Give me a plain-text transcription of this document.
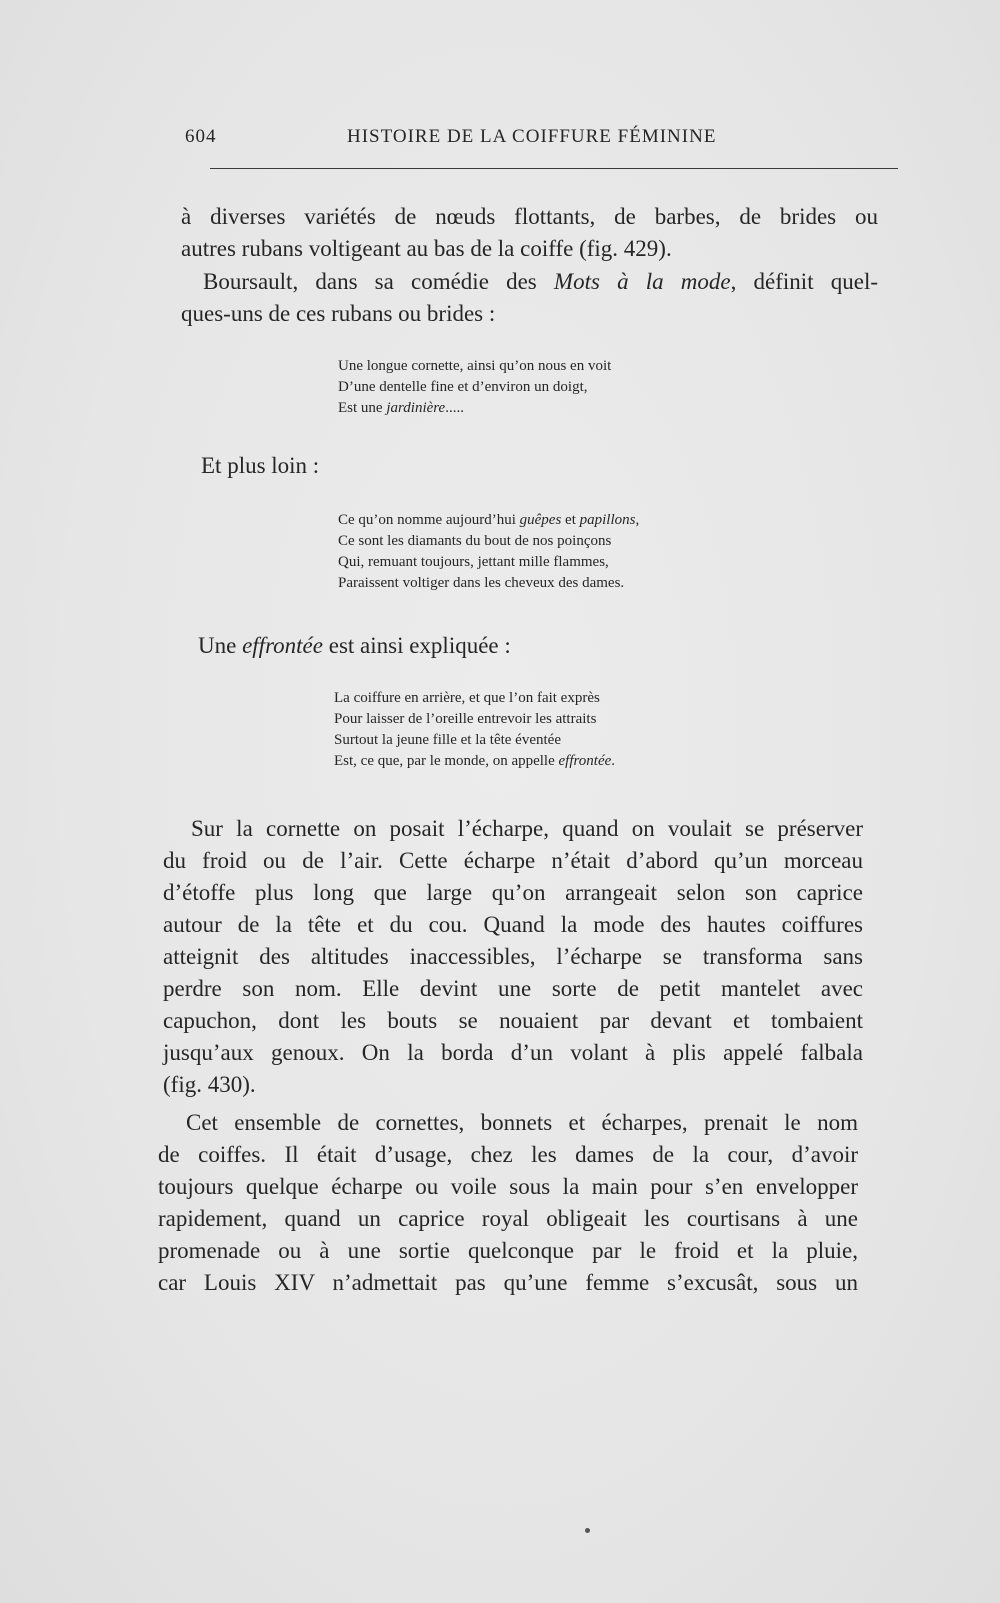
604	HISTOIRE DE LA COIFFURE FÉMININE
à diverses variétés de nœuds flottants, de barbes, de brides ou
autres rubans voltigeant au bas de la coiffe (fig. 429).
Boursault, dans sa comédie des Mots à la mode, définit quel-
ques-uns de ces rubans ou brides :
Une longue cornette, ainsi qu’on nous en voit
D’une dentelle fine et d’environ un doigt,
Est une jardinière.....
Et plus loin :
Ce qu’on nomme aujourd’hui guêpes et papillons,
Ce sont les diamants du bout de nos poinçons
Qui, remuant toujours, jettant mille flammes,
Paraissent voltiger dans les cheveux des dames.
Une effrontée est ainsi expliquée :
La coiffure en arrière, et que l’on fait exprès
Pour laisser de l’oreille entrevoir les attraits
Surtout la jeune fille et la tête éventée
Est, ce que, par le monde, on appelle effrontée.
Sur la cornette on posait l’écharpe, quand on voulait se préserver
du froid ou de l’air. Cette écharpe n’était d’abord qu’un morceau
d’étoffe plus long que large qu’on arrangeait selon son caprice
autour de la tête et du cou. Quand la mode des hautes coiffures
atteignit des altitudes inaccessibles, l’écharpe se transforma sans
perdre son nom. Elle devint une sorte de petit mantelet avec
capuchon, dont les bouts se nouaient par devant et tombaient
jusqu’aux genoux. On la borda d’un volant à plis appelé falbala
(fig. 430).
Cet ensemble de cornettes, bonnets et écharpes, prenait le nom
de coiffes. Il était d’usage, chez les dames de la cour, d’avoir
toujours quelque écharpe ou voile sous la main pour s’en envelopper
rapidement, quand un caprice royal obligeait les courtisans à une
promenade ou à une sortie quelconque par le froid et la pluie,
car Louis XIV n’admettait pas qu’une femme s’excusât, sous un
